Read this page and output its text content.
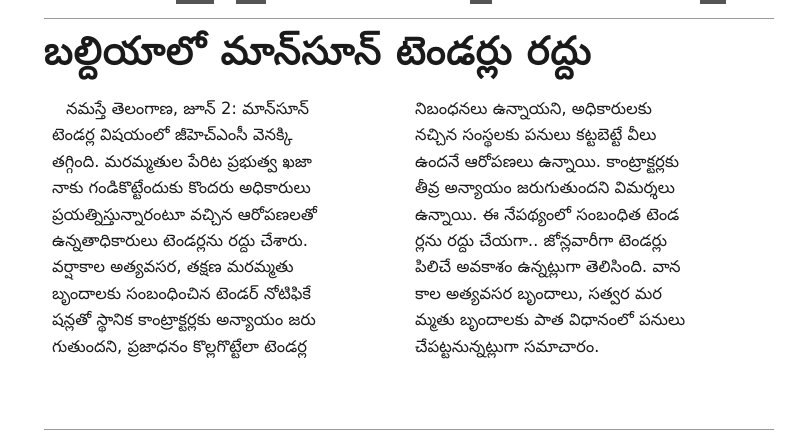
బల్దియాలో మాన్‌సూన్ టెండర్లు రద్దు
నమస్తే తెలంగాణ, జూన్ 2: మాన్‌సూన్
టెండర్ల విషయంలో జీహెచ్‌ఎంసీ వెనక్కి
తగ్గింది. మరమ్మతుల పేరిట ప్రభుత్వ ఖజా
నాకు గండికొట్టేందుకు కొందరు అధికారులు
ప్రయత్నిస్తున్నారంటూ వచ్చిన ఆరోపణలతో
ఉన్నతాధికారులు టెండర్లను రద్దు చేశారు.
వర్షాకాల అత్యవసర, తక్షణ మరమ్మతు
బృందాలకు సంబంధించిన టెండర్ నోటిఫికే
షన్లతో స్థానిక కాంట్రాక్టర్లకు అన్యాయం జరు
గుతుందని, ప్రజాధనం కొల్లగొట్టేలా టెండర్ల
నిబంధనలు ఉన్నాయని, అధికారులకు
నచ్చిన సంస్థలకు పనులు కట్టబెట్టే వీలు
ఉందనే ఆరోపణలు ఉన్నాయి. కాంట్రాక్టర్లకు
తీవ్ర అన్యాయం జరుగుతుందని విమర్శలు
ఉన్నాయి. ఈ నేపథ్యంలో సంబంధిత టెండ
ర్లను రద్దు చేయగా.. జోన్లవారీగా టెండర్లు
పిలిచే అవకాశం ఉన్నట్లుగా తెలిసింది. వాన
కాల అత్యవసర బృందాలు, సత్వర మర
మ్మతు బృందాలకు పాత విధానంలో పనులు
చేపట్టనున్నట్లుగా సమాచారం.
